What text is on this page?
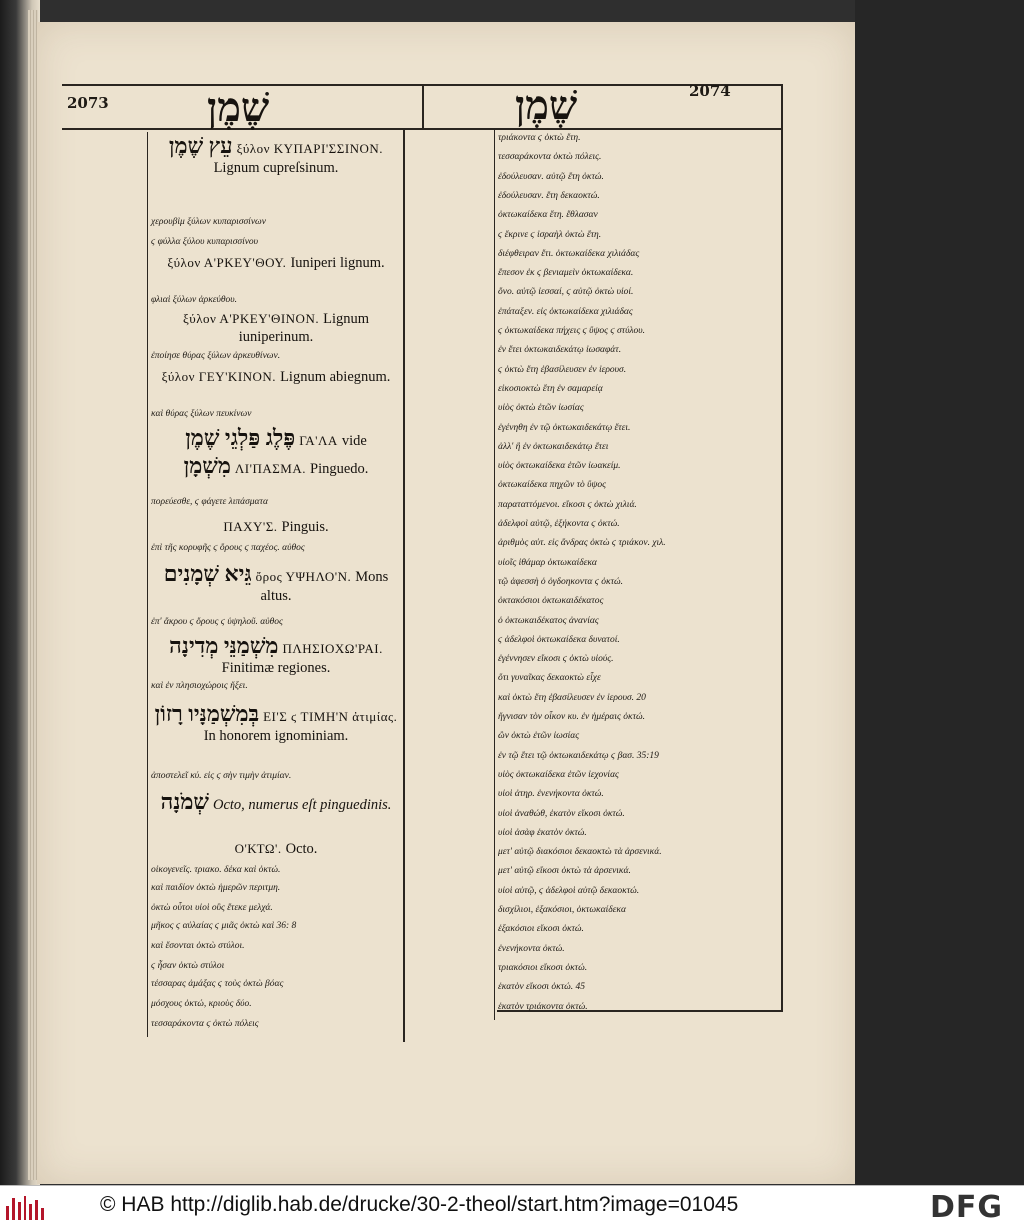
2073
2074
שֶׁמֶן	שֶׁמֶן
עֵץ שֶׁמֶן ξύλον ΚΥΠΑΡΙ'ΣΣΙΝΟΝ. Lignum cupreſsinum.
χερουβὶμ ξύλων κυπαρισσίνων
ϛ φύλλα ξύλου κυπαρισσίνου
ξύλον Α'ΡΚΕΥ'ΘΟΥ. Iuniperi lignum.
φλιαὶ ξύλων ἀρκεύθου.
ξύλον Α'ΡΚΕΥ'ΘΙΝΟΝ. Lignum iuniperinum.
ἐποίησε θύρας ξύλων ἀρκευθίνων.
ξύλον ΓΕΥ'ΚΙΝΟΝ. Lignum abiegnum.
καὶ θύρας ξύλων πευκίνων
פֶּלֶג פַּלְגֵי שֶׁמֶן ΓΑ'ΛΑ vide
מִשְׁמָן ΛΙ'ΠΑΣΜΑ. Pinguedo.
πορεύεσθε, ϛ φάγετε λιπάσματα
ΠΑΧΥ'Σ. Pinguis.
ἐπὶ τῆς κορυφῆς ϛ ὄρους ϛ παχέος. αὐθος
גֵּיא שְׁמָנִים ὄρος ΥΨΗΛΟ'Ν. Mons altus.
ἐπ' ἄκρου ϛ ὄρους ϛ ὑψηλοῦ. αὐθος
מִשְׁמַנֵּי מְדִינָה ΠΛΗΣΙΟΧΩ'ΡΑΙ. Finitimæ regiones.
καὶ ἐν πλησιοχώροις ἥξει.
בְּמִשְׁמַנָּיו רָזוֹן ΕΙ'Σ ϛ ΤΙΜΗ'Ν ἀτιμίας. In honorem ignominiam.
ἀποστελεῖ κύ. εἰς ϛ σὴν τιμὴν ἀτιμίαν.
שְׁמֹנָה Octo, numerus eſt pinguedinis.
Ο'ΚΤΩ'. Octo.
οἰκογενεῖς. τριακο. δέκα καὶ ὀκτώ.
καὶ παιδίον ὀκτὼ ἡμερῶν περιτμη.
ὀκτὼ οὗτοι υἱοὶ οὓς ἔτεκε μελχά.
μῆκος ϛ αὐλαίας ϛ μιᾶς ὀκτὼ καὶ 36: 8
καὶ ἔσονται ὀκτὼ στύλοι.
ϛ ἦσαν ὀκτὼ στύλοι
τέσσαρας ἁμάξας ϛ τοὺς ὀκτὼ βόας
μόσχους ὀκτώ, κριοὺς δύο.
τεσσαράκοντα ϛ ὀκτὼ πόλεις
τριάκοντα ϛ ὀκτὼ ἔτη.
τεσσαράκοντα ὀκτὼ πόλεις.
ἐδούλευσαν. αὐτῷ ἔτη ὀκτώ.
ἐδούλευσαν. ἔτη δεκαοκτώ.
ὀκτωκαίδεκα ἔτη. ἔθλασαν
ϛ ἔκρινε ϛ ἰσραὴλ ὀκτὼ ἔτη.
διέφθειραν ἔτι. ὀκτωκαίδεκα χιλιάδας
ἔπεσον ἐκ ϛ βενιαμεὶν ὀκτωκαίδεκα.
ὄνο. αὐτῷ ἰεσσαί, ϛ αὐτῷ ὀκτὼ υἱοί.
ἐπάταξεν. εἰς ὀκτωκαίδεκα χιλιάδας
ϛ ὀκτωκαίδεκα πήχεις ϛ ὕψος ϛ στύλου.
ἐν ἔτει ὀκτωκαιδεκάτῳ ἰωσαφάτ.
ϛ ὀκτὼ ἔτη ἐβασίλευσεν ἐν ἰερουσ.
εἰκοσιοκτὼ ἔτη ἐν σαμαρείᾳ
υἱὸς ὀκτὼ ἐτῶν ἰωσίας
ἐγένηθη ἐν τῷ ὀκτωκαιδεκάτῳ ἔτει.
ἀλλ' ἢ ἐν ὀκτωκαιδεκάτῳ ἔτει
υἱὸς ὀκτωκαίδεκα ἐτῶν ἰωακείμ.
ὀκτωκαίδεκα πηχῶν τὸ ὕψος
παραταττόμενοι. εἴκοσι ϛ ὀκτὼ χιλιά.
ἀδελφοὶ αὐτῷ, ἑξήκοντα ϛ ὀκτώ.
ἀριθμὸς αὐτ. εἰς ἄνδρας ὀκτὼ ϛ τριάκον. χιλ.
υἱοῖς ἰθάμαρ ὀκτωκαίδεκα
τῷ ἀφεσσὴ ὁ ὀγδοηκοντα ϛ ὀκτώ.
ὀκτακόσιοι ὀκτωκαιδέκατος
ὁ ὀκτωκαιδέκατος ἀνανίας
ϛ ἀδελφοὶ ὀκτωκαίδεκα δυνατοί.
ἐγέννησεν εἴκοσι ϛ ὀκτὼ υἱούς.
ὅτι γυναῖκας δεκαοκτὼ εἶχε
καὶ ὀκτὼ ἔτη ἐβασίλευσεν ἐν ἰερουσ. 20
ἥγνισαν τὸν οἶκον κυ. ἐν ἡμέραις ὀκτώ.
ὢν ὀκτὼ ἐτῶν ἰωσίας
ἐν τῷ ἔτει τῷ ὀκτωκαιδεκάτῳ ϛ βασ. 35:19
υἱὸς ὀκτωκαίδεκα ἐτῶν ἰεχονίας
υἱοὶ ἀτηρ. ἐνενήκοντα ὀκτώ.
υἱοὶ ἀναθώθ, ἑκατὸν εἴκοσι ὀκτώ.
υἱοὶ ἀσὰφ ἑκατὸν ὀκτώ.
μετ' αὐτῷ διακόσιοι δεκαοκτὼ τὰ ἀρσενικά.
μετ' αὐτῷ εἴκοσι ὀκτὼ τὰ ἀρσενικά.
υἱοὶ αὐτῷ, ϛ ἀδελφοὶ αὐτῷ δεκαοκτώ.
δισχίλιοι, ἑξακόσιοι, ὀκτωκαίδεκα
ἑξακόσιοι εἴκοσι ὀκτώ.
ἐνενήκοντα ὀκτώ.
τριακόσιοι εἴκοσι ὀκτώ.
ἑκατὸν εἴκοσι ὀκτώ. 45
ἑκατὸν τριάκοντα ὀκτώ.
© HAB http://diglib.hab.de/drucke/30-2-theol/start.htm?image=01045	DFG
